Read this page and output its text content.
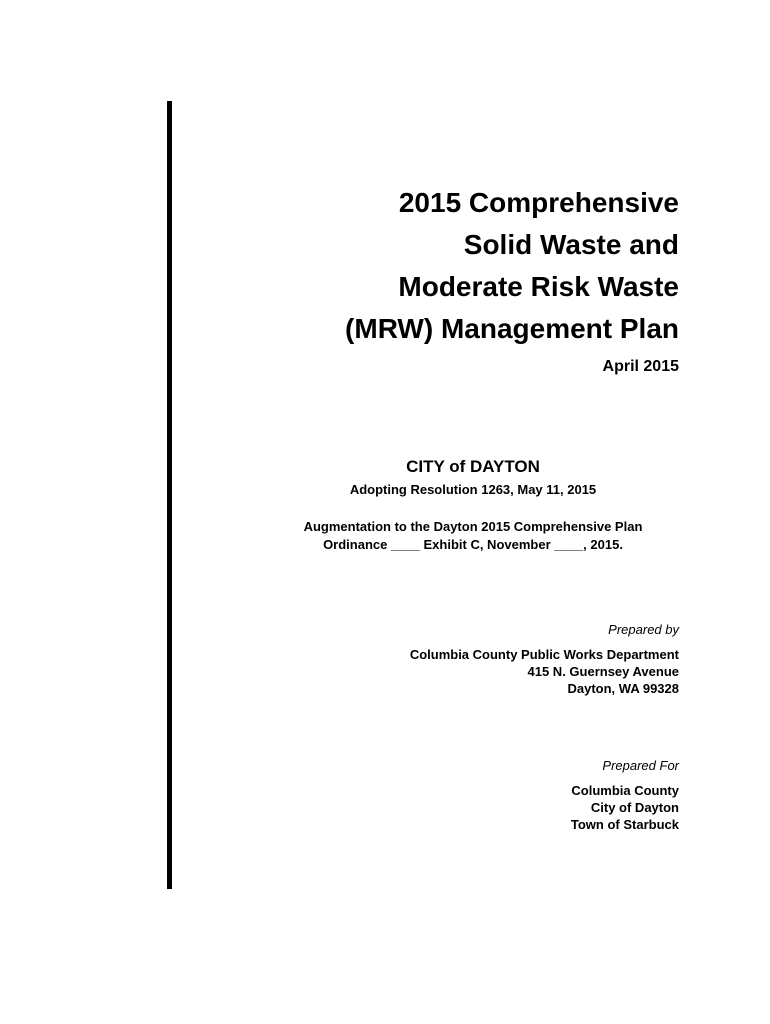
2015 Comprehensive
Solid Waste and
Moderate Risk Waste
(MRW) Management Plan
April 2015
CITY of DAYTON
Adopting Resolution 1263, May 11, 2015
Augmentation to the Dayton 2015 Comprehensive Plan
Ordinance ____ Exhibit C, November ____, 2015.
Prepared by
Columbia County Public Works Department
415 N. Guernsey Avenue
Dayton, WA 99328
Prepared For
Columbia County
City of Dayton
Town of Starbuck
